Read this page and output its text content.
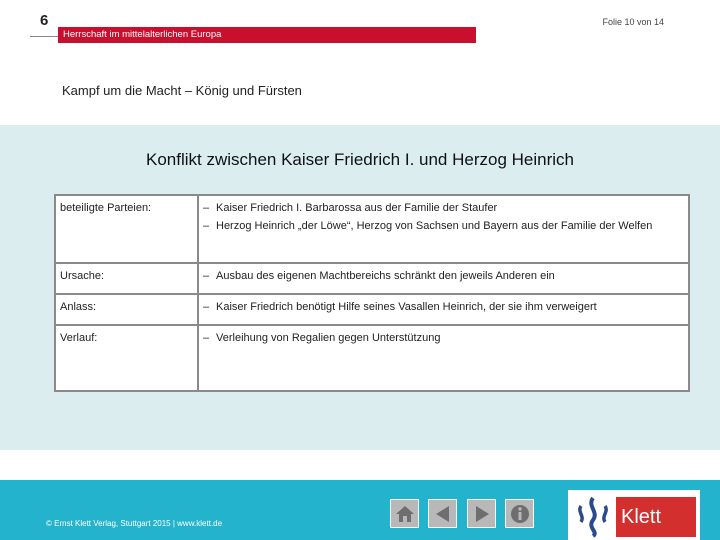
6
Herrschaft im mittelalterlichen Europa
Folie 10 von 14
Kampf um die Macht – König und Fürsten
Konflikt zwischen Kaiser Friedrich I. und Herzog Heinrich
beteiligte Parteien:	– Kaiser Friedrich I. Barbarossa aus der Familie der Staufer
– Herzog Heinrich „der Löwe“, Herzog von Sachsen und Bayern aus der Familie der Welfen

Ursache:	– Ausbau des eigenen Machtbereichs schränkt den jeweils Anderen ein

Anlass:	– Kaiser Friedrich benötigt Hilfe seines Vasallen Heinrich, der sie ihm verweigert

Verlauf:	– Verleihung von Regalien gegen Unterstützung
© Ernst Klett Verlag, Stuttgart 2015 | www.klett.de	Klett
